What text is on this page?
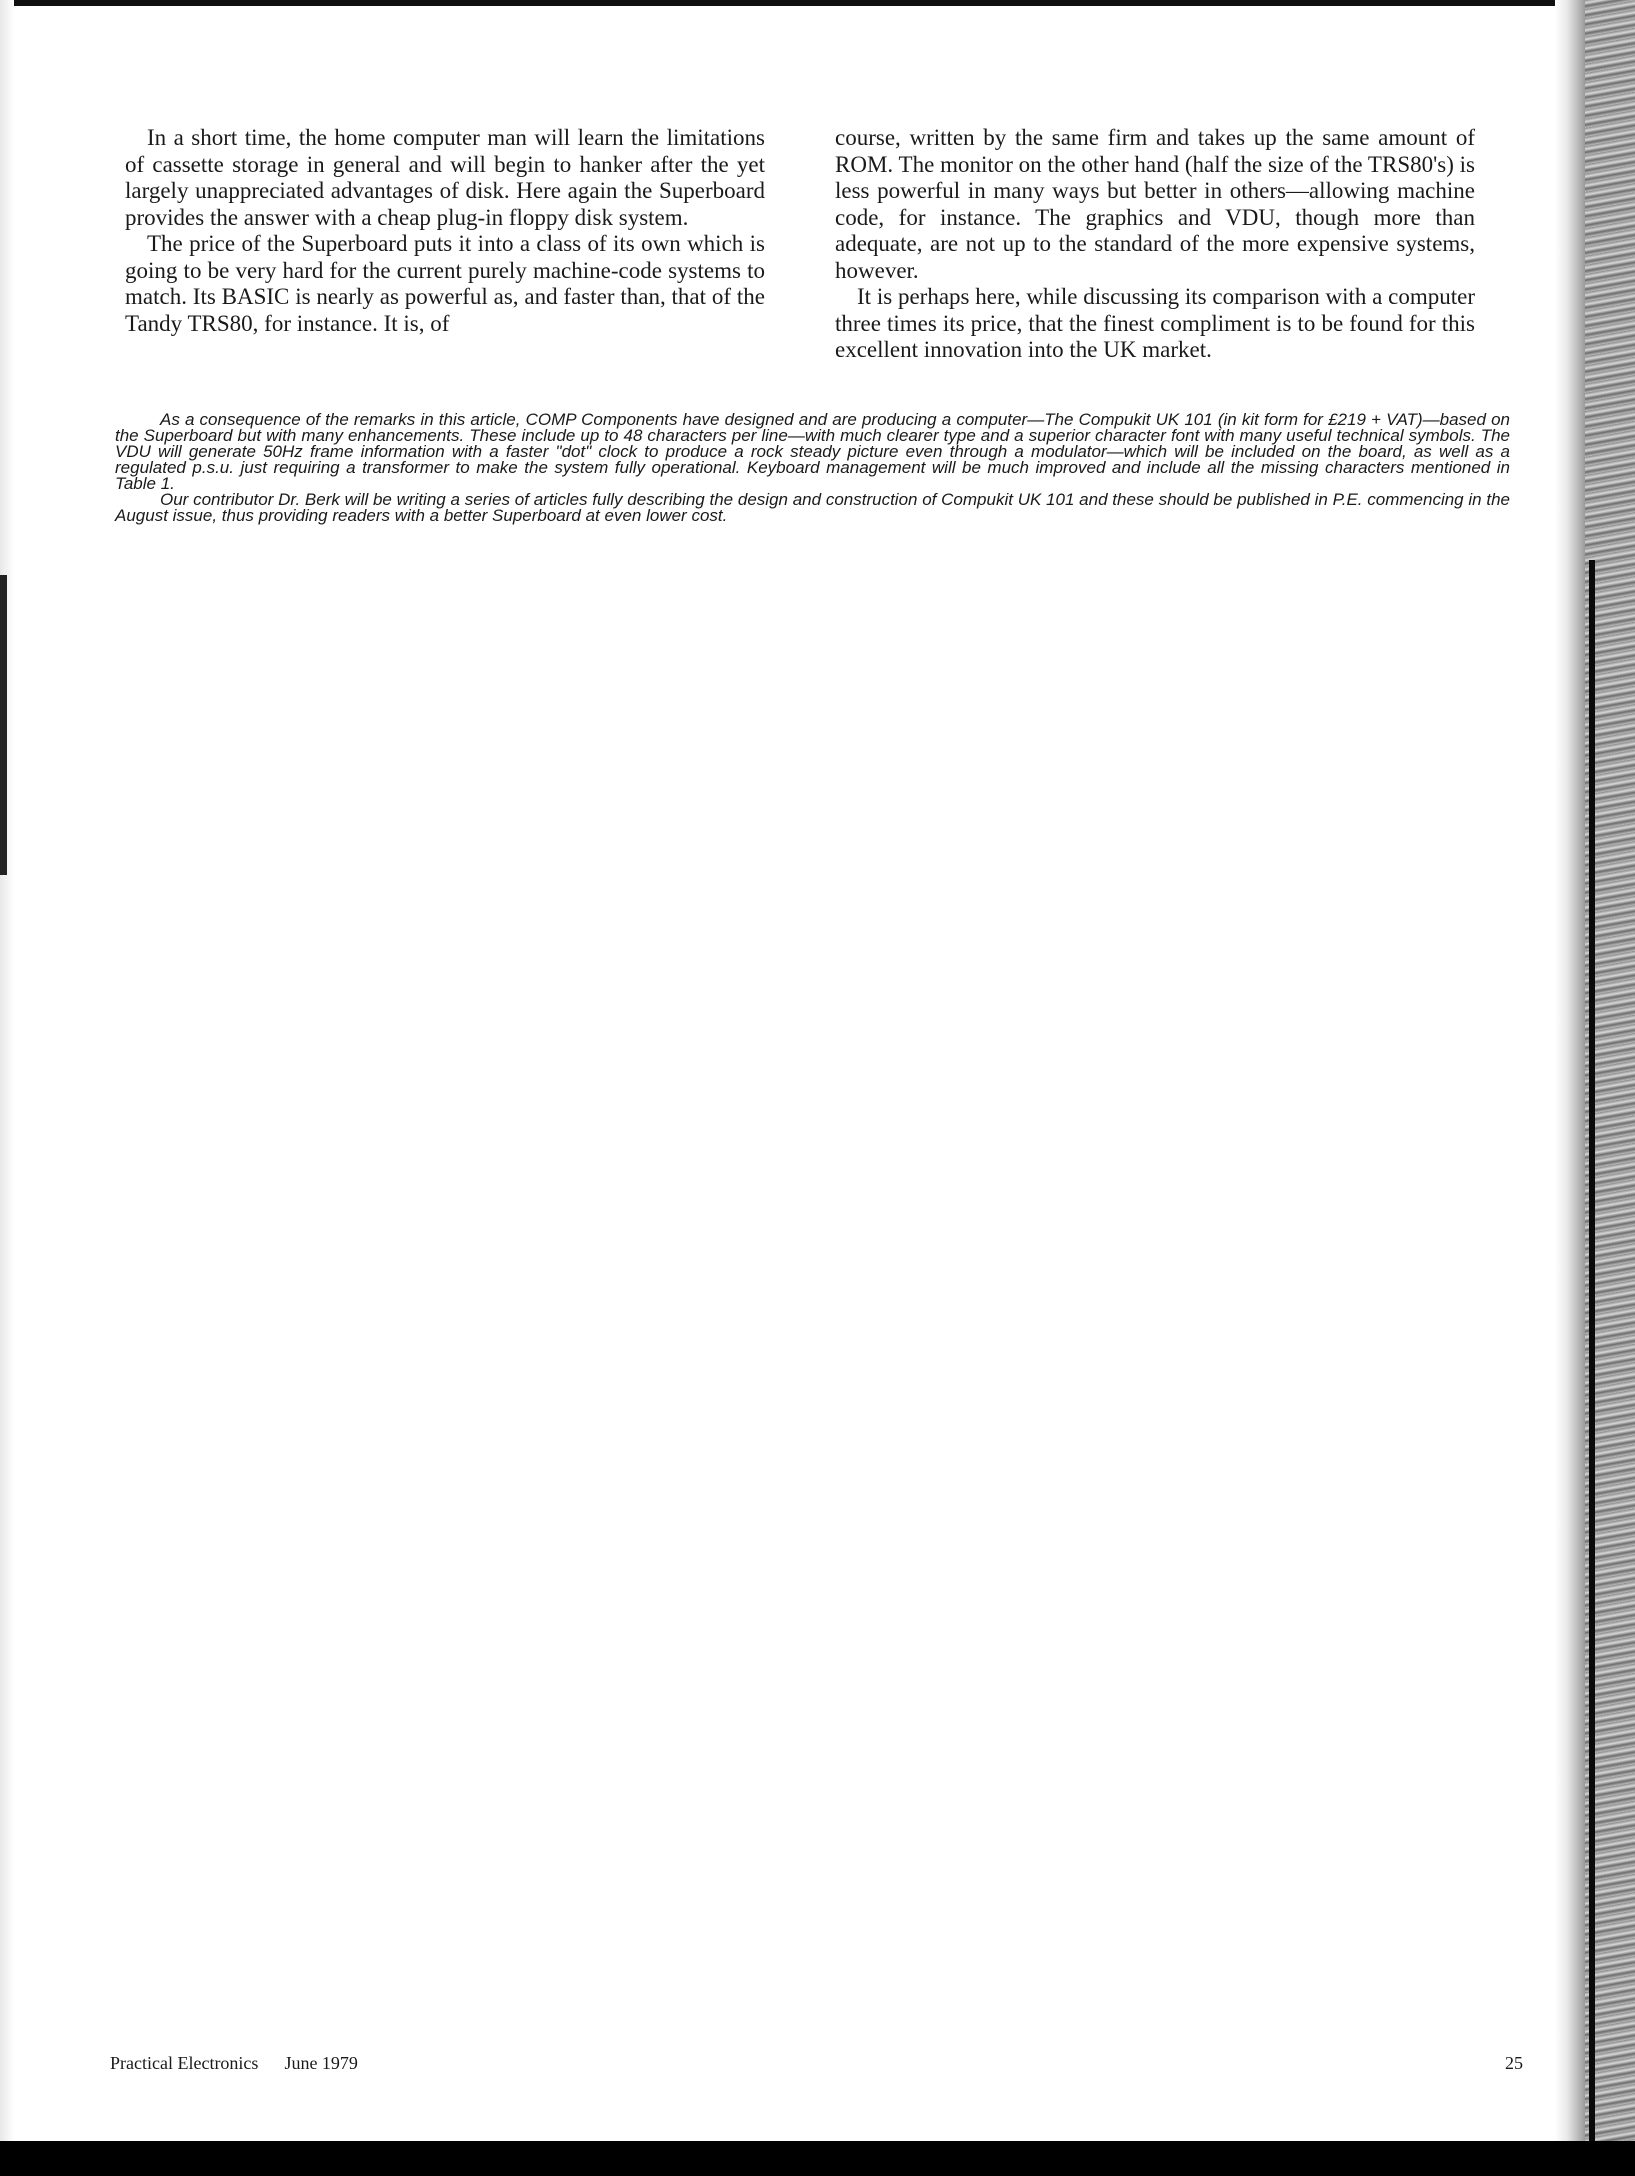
In a short time, the home computer man will learn the limitations of cassette storage in general and will begin to hanker after the yet largely unappreciated advantages of disk. Here again the Superboard provides the answer with a cheap plug-in floppy disk system.

The price of the Superboard puts it into a class of its own which is going to be very hard for the current purely machine-code systems to match. Its BASIC is nearly as powerful as, and faster than, that of the Tandy TRS80, for instance. It is, of

course, written by the same firm and takes up the same amount of ROM. The monitor on the other hand (half the size of the TRS80's) is less powerful in many ways but better in others—allowing machine code, for instance. The graphics and VDU, though more than adequate, are not up to the standard of the more expensive systems, however.

It is perhaps here, while discussing its comparison with a computer three times its price, that the finest compliment is to be found for this excellent innovation into the UK market.

As a consequence of the remarks in this article, COMP Components have designed and are producing a computer—The Compukit UK 101 (in kit form for £219 + VAT)—based on the Superboard but with many enhancements. These include up to 48 characters per line—with much clearer type and a superior character font with many useful technical symbols. The VDU will generate 50Hz frame information with a faster "dot" clock to produce a rock steady picture even through a modulator—which will be included on the board, as well as a regulated p.s.u. just requiring a transformer to make the system fully operational. Keyboard management will be much improved and include all the missing characters mentioned in Table 1.

Our contributor Dr. Berk will be writing a series of articles fully describing the design and construction of Compukit UK 101 and these should be published in P.E. commencing in the August issue, thus providing readers with a better Superboard at even lower cost.

Practical Electronics June 1979	25
